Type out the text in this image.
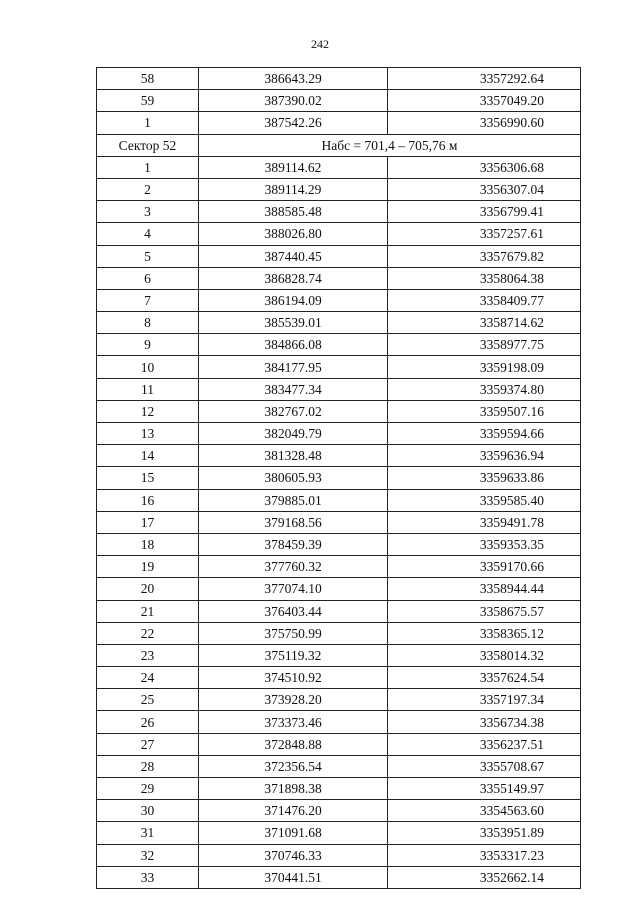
242
58	386643.29	3357292.64
59	387390.02	3357049.20
1	387542.26	3356990.60
Сектор 52	Набс = 701,4 – 705,76 м	
1	389114.62	3356306.68
2	389114.29	3356307.04
3	388585.48	3356799.41
4	388026.80	3357257.61
5	387440.45	3357679.82
6	386828.74	3358064.38
7	386194.09	3358409.77
8	385539.01	3358714.62
9	384866.08	3358977.75
10	384177.95	3359198.09
11	383477.34	3359374.80
12	382767.02	3359507.16
13	382049.79	3359594.66
14	381328.48	3359636.94
15	380605.93	3359633.86
16	379885.01	3359585.40
17	379168.56	3359491.78
18	378459.39	3359353.35
19	377760.32	3359170.66
20	377074.10	3358944.44
21	376403.44	3358675.57
22	375750.99	3358365.12
23	375119.32	3358014.32
24	374510.92	3357624.54
25	373928.20	3357197.34
26	373373.46	3356734.38
27	372848.88	3356237.51
28	372356.54	3355708.67
29	371898.38	3355149.97
30	371476.20	3354563.60
31	371091.68	3353951.89
32	370746.33	3353317.23
33	370441.51	3352662.14
